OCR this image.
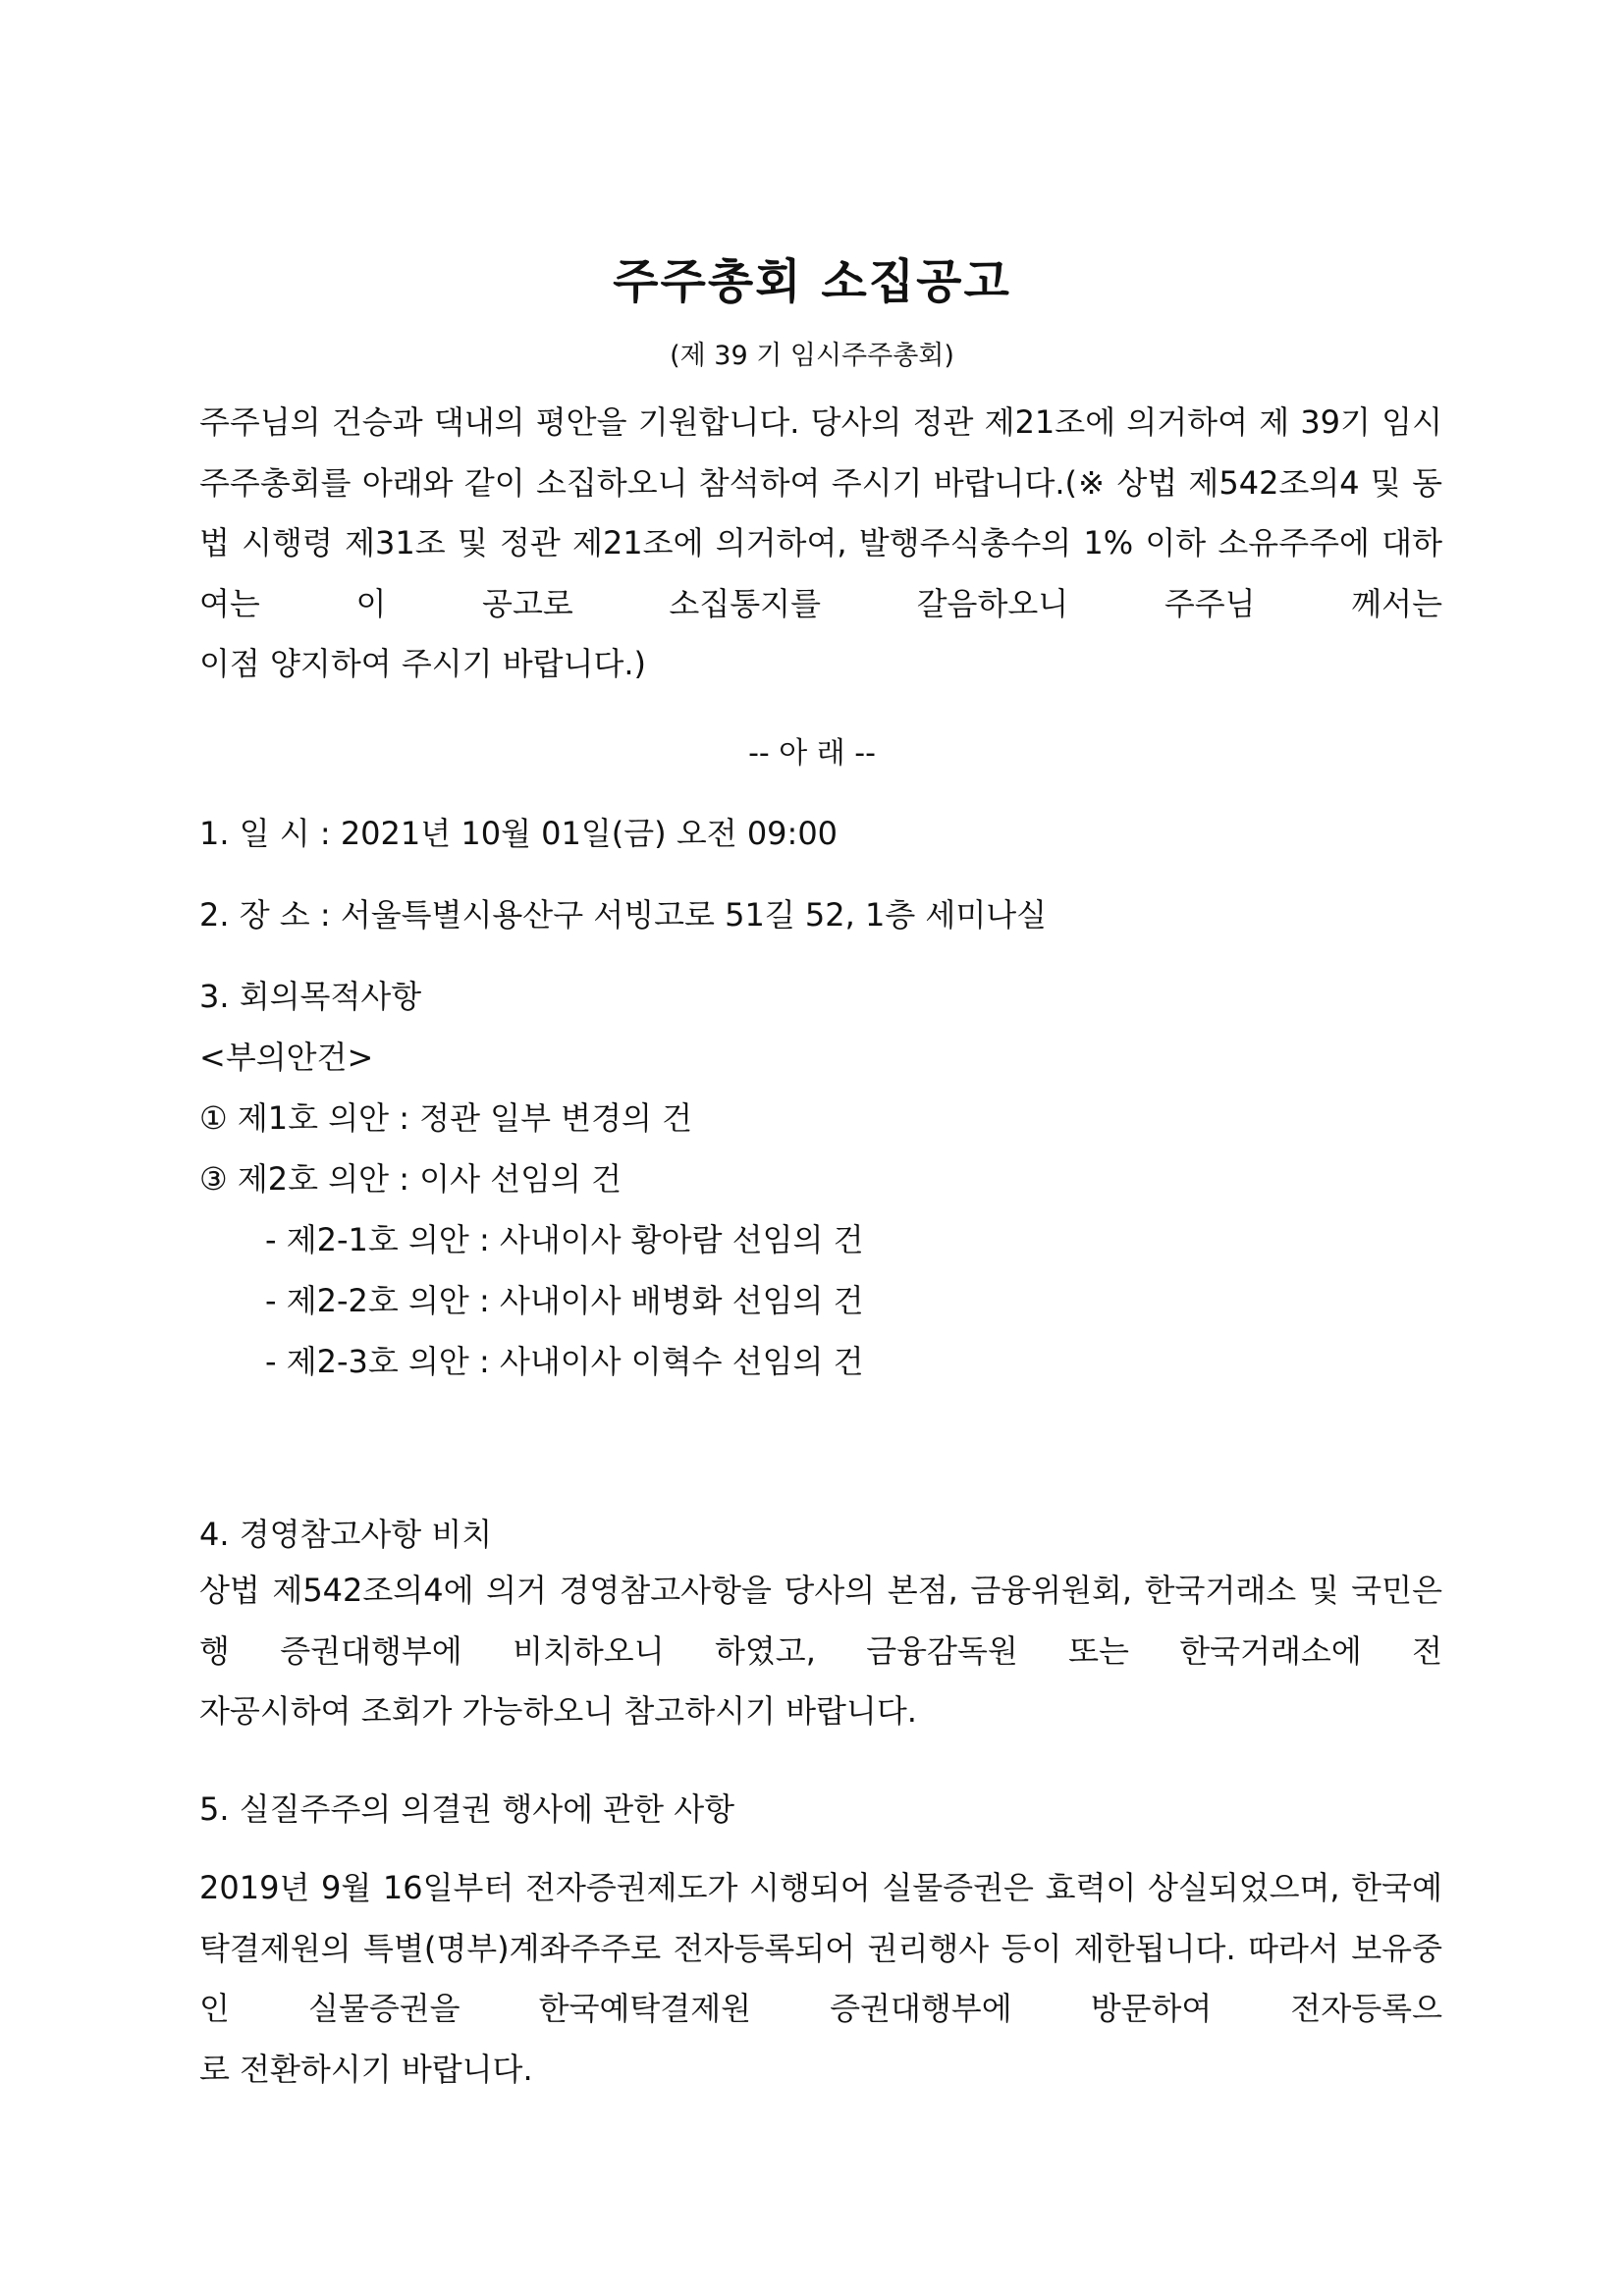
주주총회 소집공고

(제 39 기 임시주주총회)

주주님의 건승과 댁내의 평안을 기원합니다. 당사의 정관 제21조에 의거하여 제 39기 임시주주총회를 아래와 같이 소집하오니 참석하여 주시기 바랍니다.(※ 상법 제542조의4 및 동법 시행령 제31조 및 정관 제21조에 의거하여, 발행주식총수의 1% 이하 소유주주에 대하여는 이 공고로 소집통지를 갈음하오니 주주님 께서는
이점 양지하여 주시기 바랍니다.)

-- 아 래 --

1. 일 시 : 2021년 10월 01일(금) 오전 09:00

2. 장 소 : 서울특별시용산구 서빙고로 51길 52, 1층 세미나실

3. 회의목적사항

<부의안건>

① 제1호 의안 : 정관 일부 변경의 건

③ 제2호 의안 : 이사 선임의 건

- 제2-1호 의안 : 사내이사 황아람 선임의 건

- 제2-2호 의안 : 사내이사 배병화 선임의 건

- 제2-3호 의안 : 사내이사 이혁수 선임의 건

4. 경영참고사항 비치

상법 제542조의4에 의거 경영참고사항을 당사의 본점, 금융위원회, 한국거래소 및 국민은행 증권대행부에 비치하오니 하였고, 금융감독원 또는 한국거래소에 전
자공시하여 조회가 가능하오니 참고하시기 바랍니다.

5. 실질주주의 의결권 행사에 관한 사항

2019년 9월 16일부터 전자증권제도가 시행되어 실물증권은 효력이 상실되었으며, 한국예탁결제원의 특별(명부)계좌주주로 전자등록되어 권리행사 등이 제한됩니다. 따라서 보유중인 실물증권을 한국예탁결제원 증권대행부에 방문하여 전자등록으
로 전환하시기 바랍니다.
